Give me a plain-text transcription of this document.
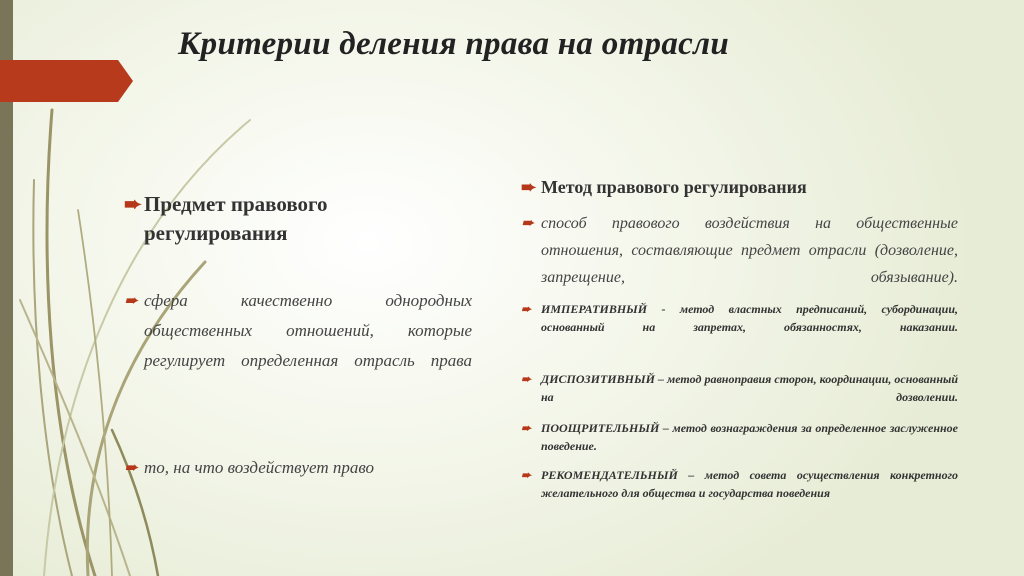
Критерии деления права на отрасли
➨ Предмет правового регулирования
➨ сфера качественно однородных общественных отношений, которые регулирует определенная отрасль права
➨ то, на что воздействует право
➨ Метод правового регулирования
➨ способ правового воздействия на общественные отношения, составляющие предмет отрасли (дозволение, запрещение, обязывание).
➨ ИМПЕРАТИВНЫЙ - метод властных предписаний, субординации, основанный на запретах, обязанностях, наказании.
➨ ДИСПОЗИТИВНЫЙ – метод равноправия сторон, координации, основанный на дозволении.
➨ ПООЩРИТЕЛЬНЫЙ – метод вознаграждения за определенное заслуженное поведение.
➨ РЕКОМЕНДАТЕЛЬНЫЙ – метод совета осуществления конкретного желательного для общества и государства поведения
